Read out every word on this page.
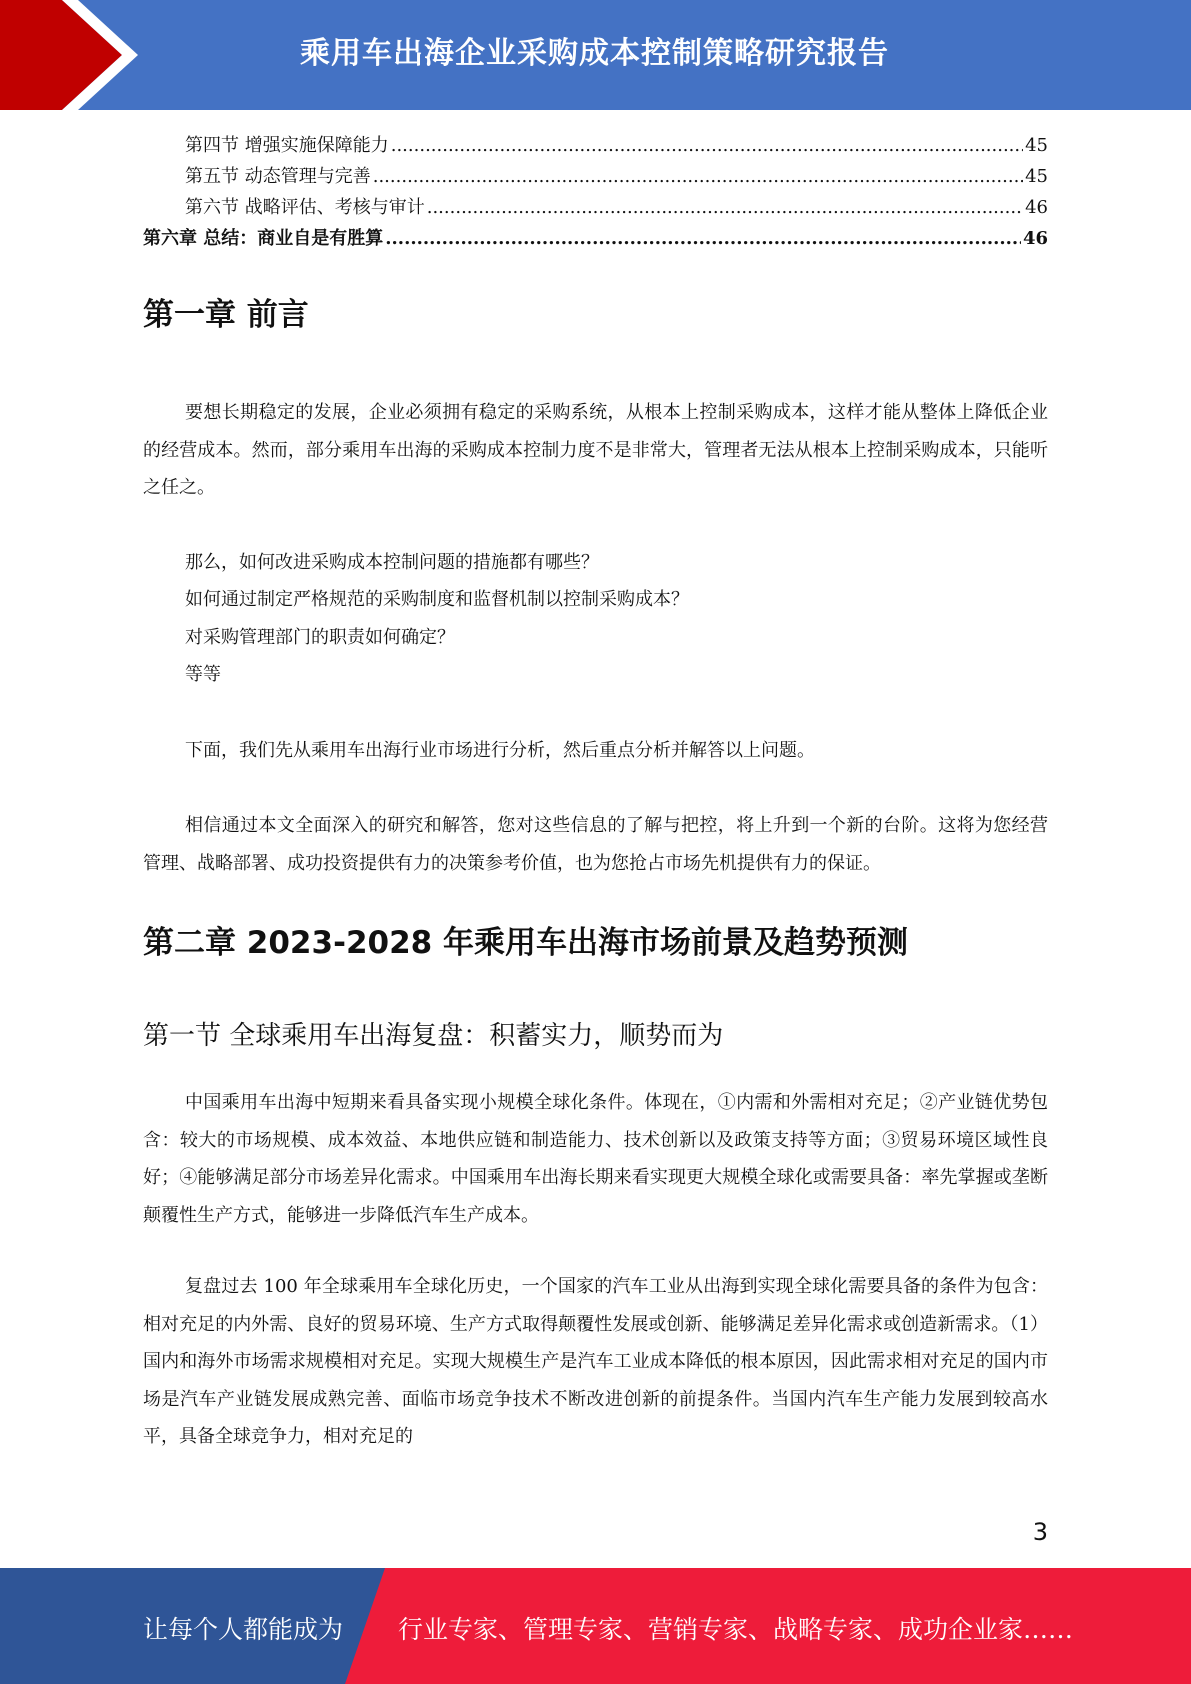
乘用车出海企业采购成本控制策略研究报告
第四节 增强实施保障能力 .....	45
第五节 动态管理与完善 .....	45
第六节 战略评估、考核与审计 .....	46
第六章 总结：商业自是有胜算 .....	46
第一章 前言

要想长期稳定的发展，企业必须拥有稳定的采购系统，从根本上控制采购成本，这样才能从整体上降低企业的经营成本。然而，部分乘用车出海的采购成本控制力度不是非常大，管理者无法从根本上控制采购成本，只能听之任之。

那么，如何改进采购成本控制问题的措施都有哪些？

如何通过制定严格规范的采购制度和监督机制以控制采购成本？

对采购管理部门的职责如何确定？

等等

下面，我们先从乘用车出海行业市场进行分析，然后重点分析并解答以上问题。

相信通过本文全面深入的研究和解答，您对这些信息的了解与把控，将上升到一个新的台阶。这将为您经营管理、战略部署、成功投资提供有力的决策参考价值，也为您抢占市场先机提供有力的保证。

第二章 2023-2028 年乘用车出海市场前景及趋势预测
第一节 全球乘用车出海复盘：积蓄实力，顺势而为

中国乘用车出海中短期来看具备实现小规模全球化条件。体现在，①内需和外需相对充足；②产业链优势包含：较大的市场规模、成本效益、本地供应链和制造能力、技术创新以及政策支持等方面；③贸易环境区域性良好；④能够满足部分市场差异化需求。中国乘用车出海长期来看实现更大规模全球化或需要具备：率先掌握或垄断颠覆性生产方式，能够进一步降低汽车生产成本。

复盘过去 100 年全球乘用车全球化历史，一个国家的汽车工业从出海到实现全球化需要具备的条件为包含：相对充足的内外需、良好的贸易环境、生产方式取得颠覆性发展或创新、能够满足差异化需求或创造新需求。（1）国内和海外市场需求规模相对充足。实现大规模生产是汽车工业成本降低的根本原因，因此需求相对充足的国内市场是汽车产业链发展成熟完善、面临市场竞争技术不断改进创新的前提条件。当国内汽车生产能力发展到较高水平，具备全球竞争力，相对充足的

3
让每个人都能成为 行业专家、管理专家、营销专家、战略专家、成功企业家……
